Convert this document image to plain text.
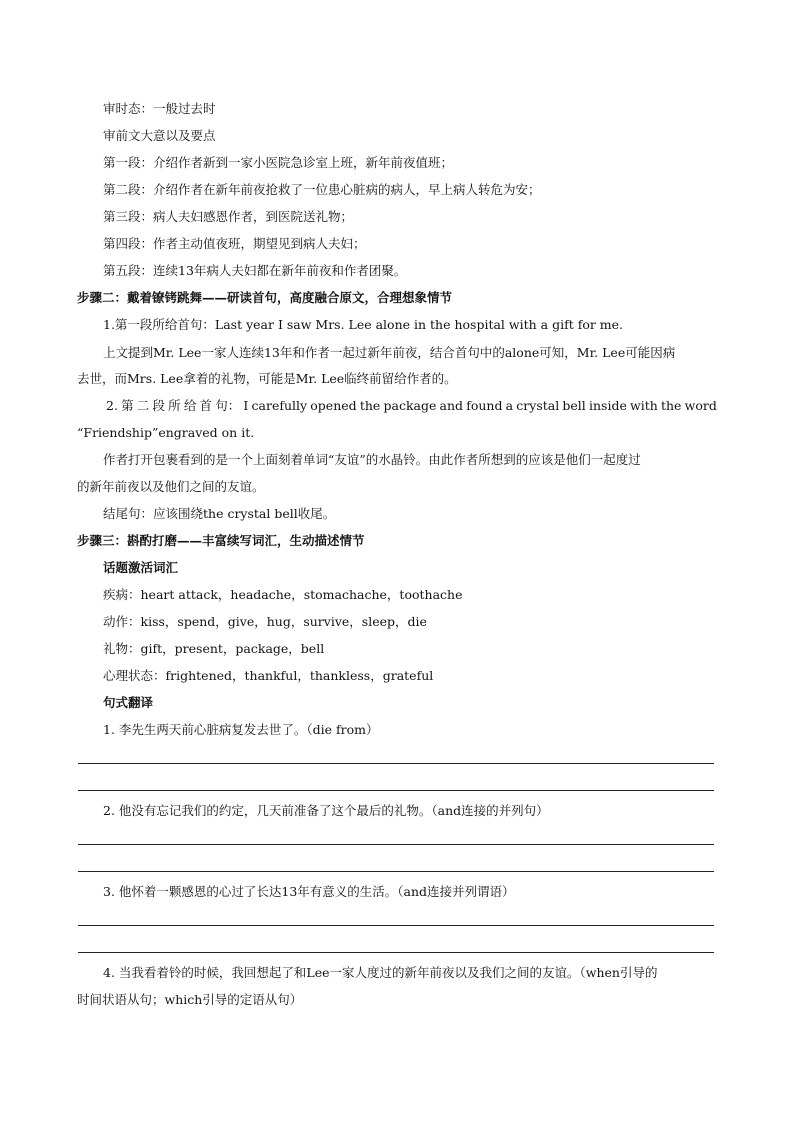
审时态：一般过去时
审前文大意以及要点
第一段：介绍作者新到一家小医院急诊室上班，新年前夜值班；
第二段：介绍作者在新年前夜抢救了一位患心脏病的病人，早上病人转危为安；
第三段：病人夫妇感恩作者，到医院送礼物；
第四段：作者主动值夜班，期望见到病人夫妇；
第五段：连续13年病人夫妇都在新年前夜和作者团聚。
步骤二：戴着镣铐跳舞——研读首句，高度融合原文，合理想象情节
1.第一段所给首句：Last year I saw Mrs. Lee alone in the hospital with a gift for me.
上文提到Mr. Lee一家人连续13年和作者一起过新年前夜，结合首句中的alone可知，Mr. Lee可能因病
去世，而Mrs. Lee拿着的礼物，可能是Mr. Lee临终前留给作者的。
2. 第 二 段 所 给 首 句： I carefully opened the package and found a crystal bell inside with the word
“Friendship”engraved on it.
作者打开包裹看到的是一个上面刻着单词“友谊”的水晶铃。由此作者所想到的应该是他们一起度过
的新年前夜以及他们之间的友谊。
结尾句：应该围绕the crystal bell收尾。
步骤三：斟酌打磨——丰富续写词汇，生动描述情节
话题激活词汇
疾病：heart attack，headache，stomachache，toothache
动作：kiss，spend，give，hug，survive，sleep，die
礼物：gift，present，package，bell
心理状态：frightened，thankful，thankless，grateful
句式翻译
1. 李先生两天前心脏病复发去世了。（die from）
2. 他没有忘记我们的约定，几天前准备了这个最后的礼物。（and连接的并列句）
3. 他怀着一颗感恩的心过了长达13年有意义的生活。（and连接并列谓语）
4. 当我看着铃的时候，我回想起了和Lee一家人度过的新年前夜以及我们之间的友谊。（when引导的
时间状语从句；which引导的定语从句）
